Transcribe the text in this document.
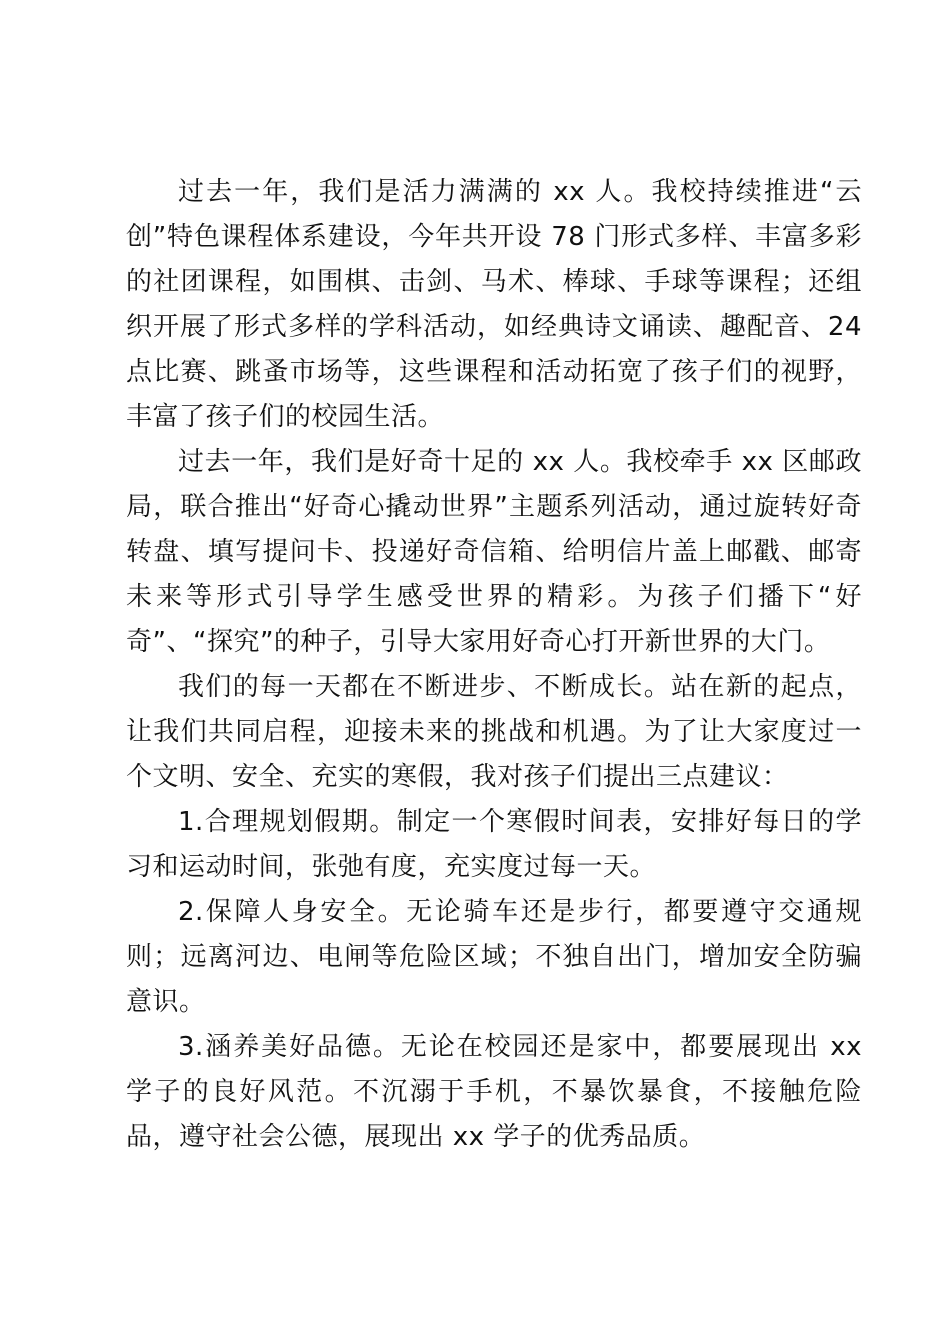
过去一年，我们是活力满满的 xx 人。我校持续推进“云创”特色课程体系建设，今年共开设 78 门形式多样、丰富多彩的社团课程，如围棋、击剑、马术、棒球、手球等课程；还组织开展了形式多样的学科活动，如经典诗文诵读、趣配音、24 点比赛、跳蚤市场等，这些课程和活动拓宽了孩子们的视野，丰富了孩子们的校园生活。

过去一年，我们是好奇十足的 xx 人。我校牵手 xx 区邮政局，联合推出“好奇心撬动世界”主题系列活动，通过旋转好奇转盘、填写提问卡、投递好奇信箱、给明信片盖上邮戳、邮寄未来等形式引导学生感受世界的精彩。为孩子们播下“好奇”、“探究”的种子，引导大家用好奇心打开新世界的大门。

我们的每一天都在不断进步、不断成长。站在新的起点，让我们共同启程，迎接未来的挑战和机遇。为了让大家度过一个文明、安全、充实的寒假，我对孩子们提出三点建议：

1.合理规划假期。制定一个寒假时间表，安排好每日的学习和运动时间，张弛有度，充实度过每一天。

2.保障人身安全。无论骑车还是步行，都要遵守交通规则；远离河边、电闸等危险区域；不独自出门，增加安全防骗意识。

3.涵养美好品德。无论在校园还是家中，都要展现出 xx 学子的良好风范。不沉溺于手机，不暴饮暴食，不接触危险品，遵守社会公德，展现出 xx 学子的优秀品质。
